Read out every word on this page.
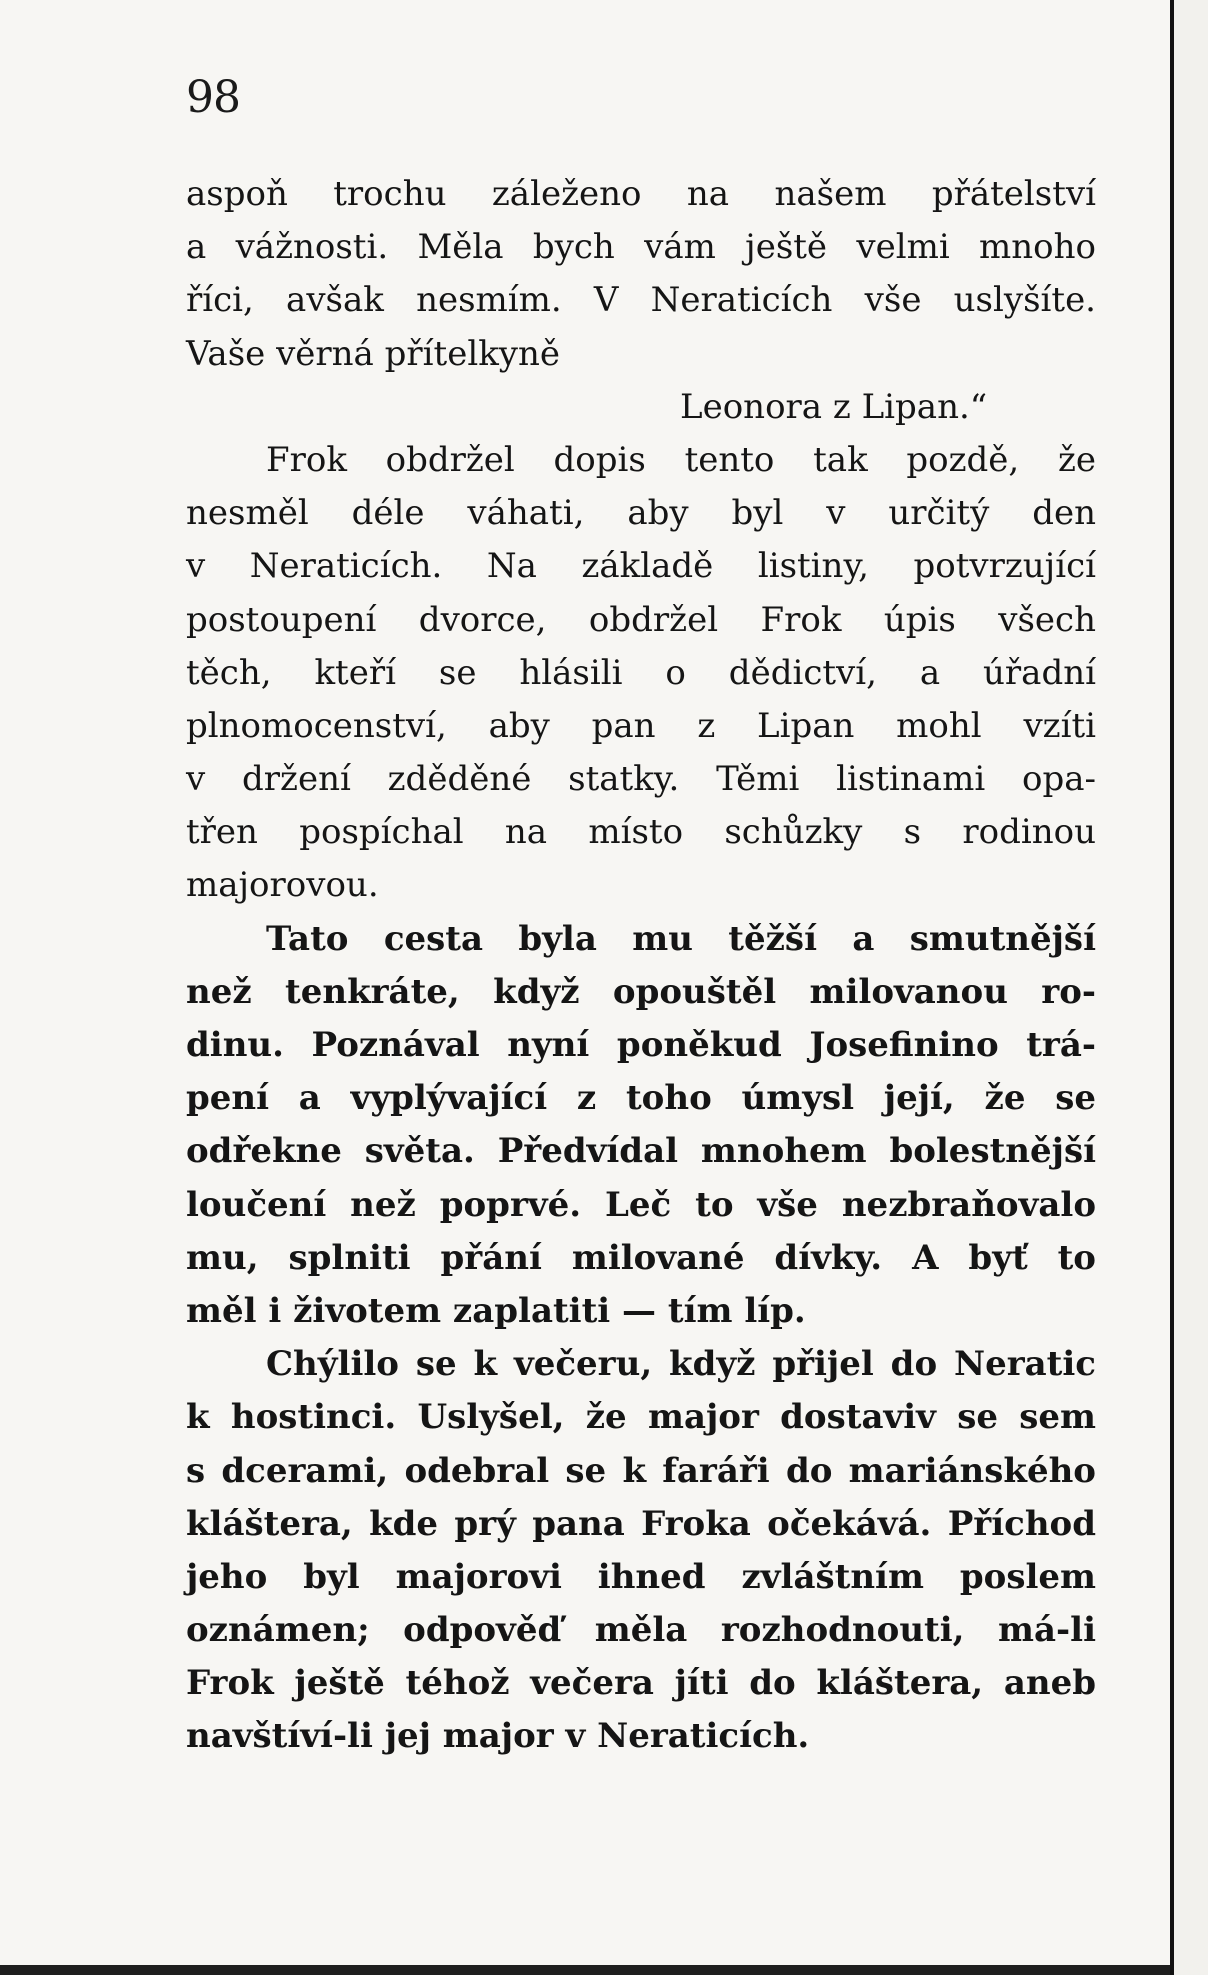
98
aspoň trochu záleženo na našem přátelství
a vážnosti. Měla bych vám ještě velmi mnoho
říci, avšak nesmím. V Neraticích vše uslyšíte.
Vaše věrná přítelkyně
Leonora z Lipan.“
Frok obdržel dopis tento tak pozdě, že
nesměl déle váhati, aby byl v určitý den
v Neraticích. Na základě listiny, potvrzující
postoupení dvorce, obdržel Frok úpis všech
těch, kteří se hlásili o dědictví, a úřadní
plnomocenství, aby pan z Lipan mohl vzíti
v držení zděděné statky. Těmi listinami opa-
třen pospíchal na místo schůzky s rodinou
majorovou.
Tato cesta byla mu těžší a smutnější
než tenkráte, když opouštěl milovanou ro-
dinu. Poznával nyní poněkud Josefinino trá-
pení a vyplývající z toho úmysl její, že se
odřekne světa. Předvídal mnohem bolestnější
loučení než poprvé. Leč to vše nezbraňovalo
mu, splniti přání milované dívky. A byť to
měl i životem zaplatiti — tím líp.
Chýlilo se k večeru, když přijel do Neratic
k hostinci. Uslyšel, že major dostaviv se sem
s dcerami, odebral se k faráři do mariánského
kláštera, kde prý pana Froka očekává. Příchod
jeho byl majorovi ihned zvláštním poslem
oznámen; odpověď měla rozhodnouti, má-li
Frok ještě téhož večera jíti do kláštera, aneb
navštíví-li jej major v Neraticích.
